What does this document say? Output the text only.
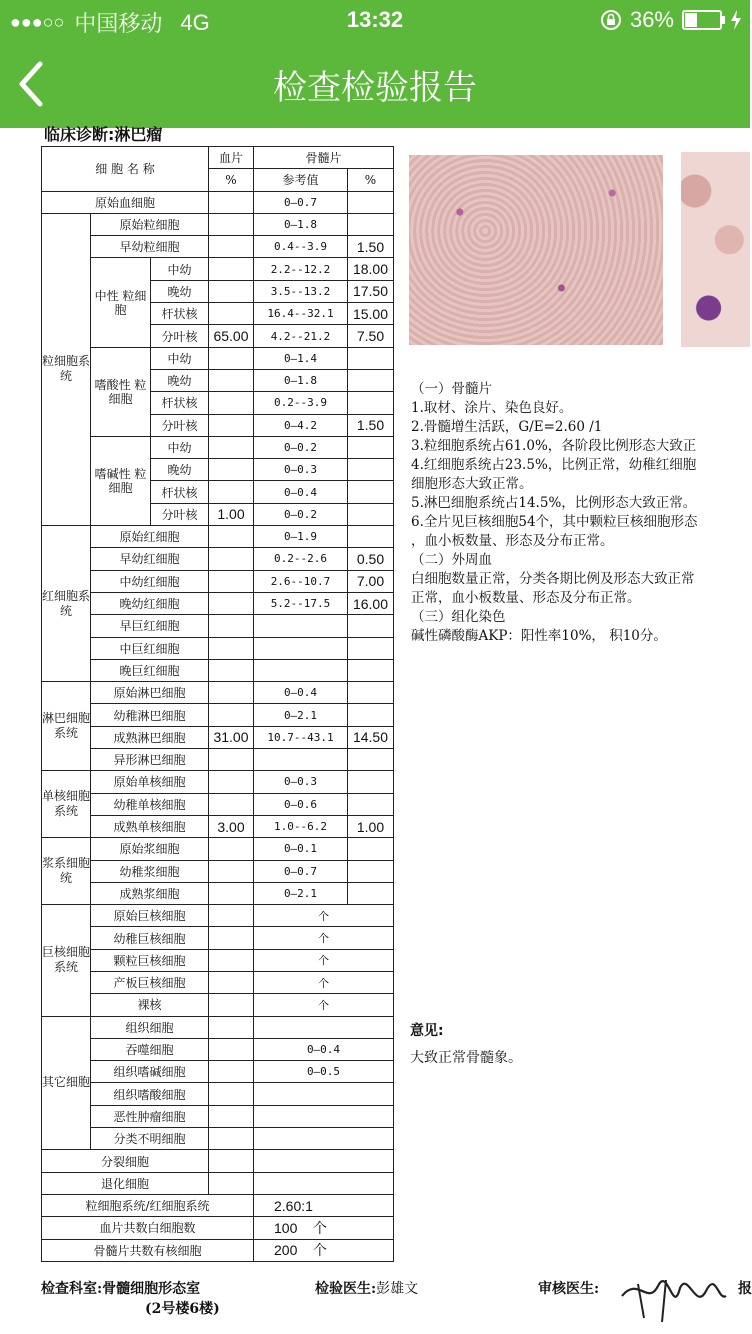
●●●○○ 中国移动 4G	13:32	36%
检查检验报告
临床诊断:淋巴瘤
细 胞 名 称			血片	骨髓片	
			%	参考值	%
原始血细胞				0—0.7	
粒细胞系统	原始粒细胞			0—1.8	
	早幼粒细胞			0.4--3.9	1.50
	中性 粒细胞	中幼		2.2--12.2	18.00
		晚幼		3.5--13.2	17.50
		杆状核		16.4--32.1	15.00
		分叶核	65.00	4.2--21.2	7.50
	嗜酸性 粒细胞	中幼		0—1.4	
		晚幼		0—1.8	
		杆状核		0.2--3.9	
		分叶核		0—4.2	1.50
	嗜碱性 粒细胞	中幼		0—0.2	
		晚幼		0—0.3	
		杆状核		0—0.4	
		分叶核	1.00	0—0.2	
红细胞系统	原始红细胞			0—1.9	
	早幼红细胞			0.2--2.6	0.50
	中幼红细胞			2.6--10.7	7.00
	晚幼红细胞			5.2--17.5	16.00
	早巨红细胞				
	中巨红细胞				
	晚巨红细胞				
淋巴细胞系统	原始淋巴细胞			0—0.4	
	幼稚淋巴细胞			0—2.1	
	成熟淋巴细胞		31.00	10.7--43.1	14.50
	异形淋巴细胞				
单核细胞系统	原始单核细胞			0—0.3	
	幼稚单核细胞			0—0.6	
	成熟单核细胞		3.00	1.0--6.2	1.00
浆系细胞统	原始浆细胞			0—0.1	
	幼稚浆细胞			0—0.7	
	成熟浆细胞			0—2.1	
巨核细胞系统	原始巨核细胞			个	
	幼稚巨核细胞			个	
	颗粒巨核细胞			个	
	产板巨核细胞			个	
	裸核			个	
其它细胞	组织细胞				
	吞噬细胞			0—0.4	
	组织嗜碱细胞			0—0.5	
	组织嗜酸细胞				
	恶性肿瘤细胞				
	分类不明细胞				
分裂细胞					
退化细胞					
粒细胞系统/红细胞系统				2.60:1	
血片共数白细胞数				100    个	
骨髓片共数有核细胞				200    个	
（一）骨髓片
1.取材、涂片、染色良好。
2.骨髓增生活跃，G/E=2.60 /1
3.粒细胞系统占61.0%，各阶段比例形态大致正
4.红细胞系统占23.5%，比例正常，幼稚红细胞
细胞形态大致正常。
5.淋巴细胞系统占14.5%，比例形态大致正常。
6.全片见巨核细胞54个，其中颗粒巨核细胞形态
，血小板数量、形态及分布正常。
（二）外周血
白细胞数量正常，分类各期比例及形态大致正常
正常，血小板数量、形态及分布正常。
（三）组化染色
碱性磷酸酶AKP：阳性率10%， 积10分。
意见:
大致正常骨髓象。
检查科室:骨髓细胞形态室
(2号楼6楼)
检验医生:彭雄文	审核医生:	报
